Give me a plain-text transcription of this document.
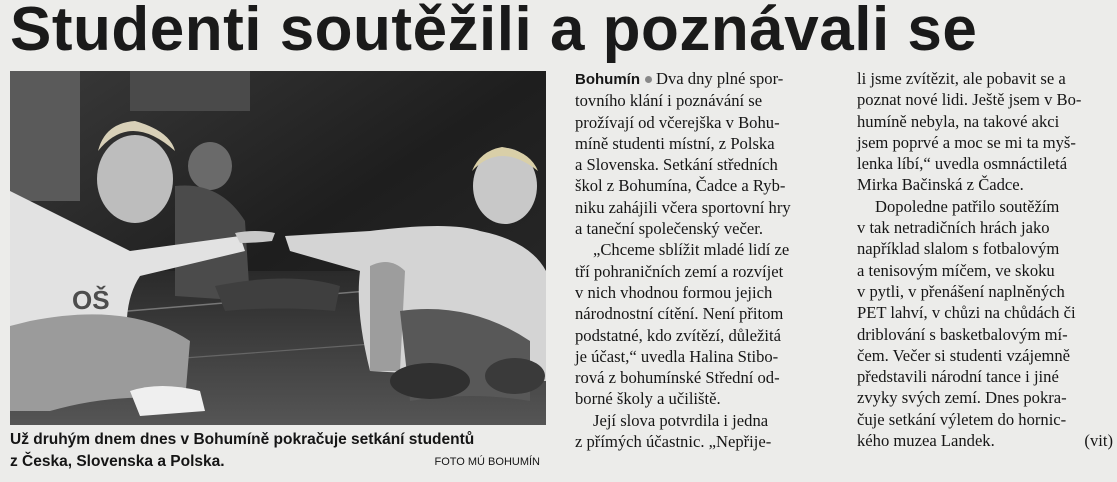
Studenti soutěžili a poznávali se
OŠ
Už druhým dnem dnes v Bohumíně pokračuje setkání studentů
z Česka, Slovenska a Polska.	FOTO MÚ BOHUMÍN
Bohumín Dva dny plné spor-
tovního klání i poznávání se
prožívají od včerejška v Bohu-
míně studenti místní, z Polska
a Slovenska. Setkání středních
škol z Bohumína, Čadce a Ryb-
niku zahájili včera sportovní hry
a taneční společenský večer.
„Chceme sblížit mladé lidí ze
tří pohraničních zemí a rozvíjet
v nich vhodnou formou jejich
národnostní cítění. Není přitom
podstatné, kdo zvítězí, důležitá
je účast,“ uvedla Halina Stibo-
rová z bohumínské Střední od-
borné školy a učiliště.
Její slova potvrdila i jedna
z přímých účastnic. „Nepřije-
li jsme zvítězit, ale pobavit se a
poznat nové lidi. Ještě jsem v Bo-
humíně nebyla, na takové akci
jsem poprvé a moc se mi ta myš-
lenka líbí,“ uvedla osmnáctiletá
Mirka Bačinská z Čadce.
Dopoledne patřilo soutěžím
v tak netradičních hrách jako
například slalom s fotbalovým
a tenisovým míčem, ve skoku
v pytli, v přenášení naplněných
PET lahví, v chůzi na chůdách či
driblování s basketbalovým mí-
čem. Večer si studenti vzájemně
představili národní tance i jiné
zvyky svých zemí. Dnes pokra-
čuje setkání výletem do hornic-
kého muzea Landek.	(vit)
